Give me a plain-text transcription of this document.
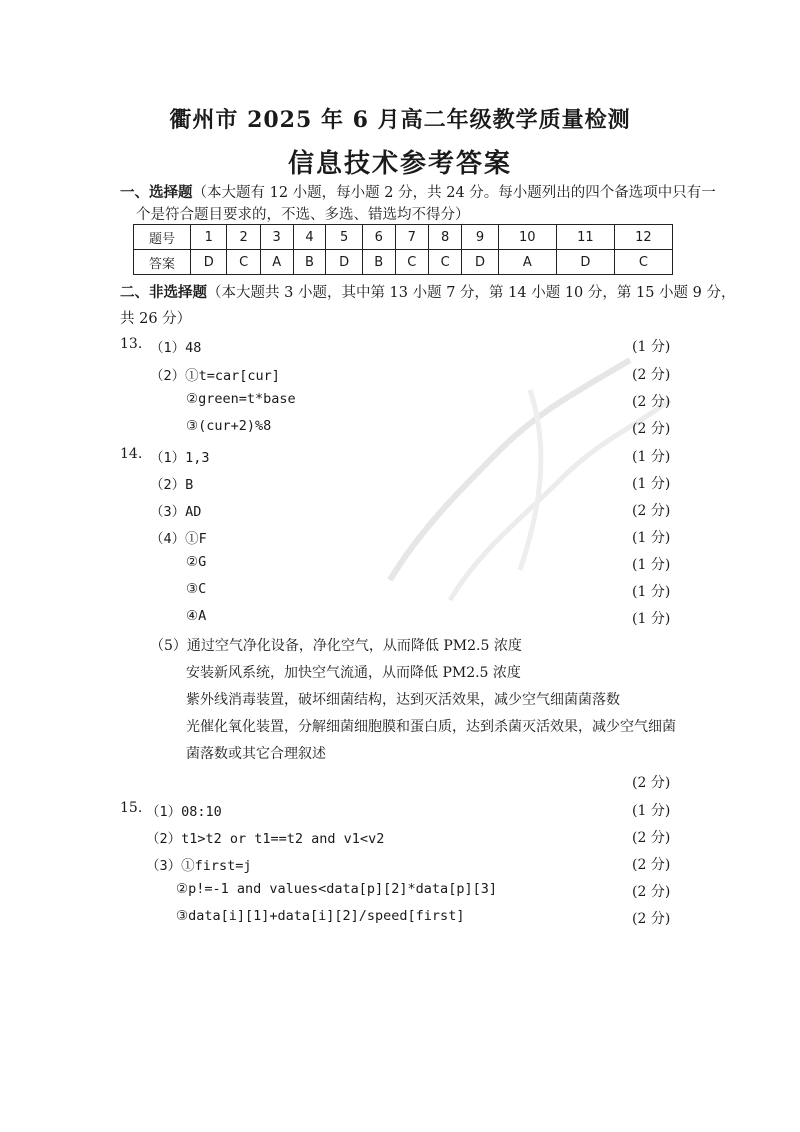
衢州市 2025 年 6 月高二年级教学质量检测
信息技术参考答案
一、选择题（本大题有 12 小题，每小题 2 分，共 24 分。每小题列出的四个备选项中只有一
个是符合题目要求的，不选、多选、错选均不得分）
题号	1	2	3	4	5	6	7	8	9	10	11	12
答案	D	C	A	B	D	B	C	C	D	A	D	C
二、非选择题（本大题共 3 小题，其中第 13 小题 7 分，第 14 小题 10 分，第 15 小题 9 分，
共 26 分）
13. （1）48	(1 分)
（2）①t=car[cur]	(2 分)
②green=t*base	(2 分)
③(cur+2)%8	(2 分)
14. （1）1,3	(1 分)
（2）B	(1 分)
（3）AD	(2 分)
（4）①F	(1 分)
②G	(1 分)
③C	(1 分)
④A	(1 分)
（5）通过空气净化设备，净化空气，从而降低 PM2.5 浓度
安装新风系统，加快空气流通，从而降低 PM2.5 浓度
紫外线消毒装置，破坏细菌结构，达到灭活效果，减少空气细菌菌落数
光催化氧化装置，分解细菌细胞膜和蛋白质，达到杀菌灭活效果，减少空气细菌
菌落数或其它合理叙述
(2 分)
15. （1）08:10	(1 分)
（2）t1>t2 or t1==t2 and v1<v2	(2 分)
（3）①first=j	(2 分)
②p!=-1 and values<data[p][2]*data[p][3]	(2 分)
③data[i][1]+data[i][2]/speed[first]	(2 分)
